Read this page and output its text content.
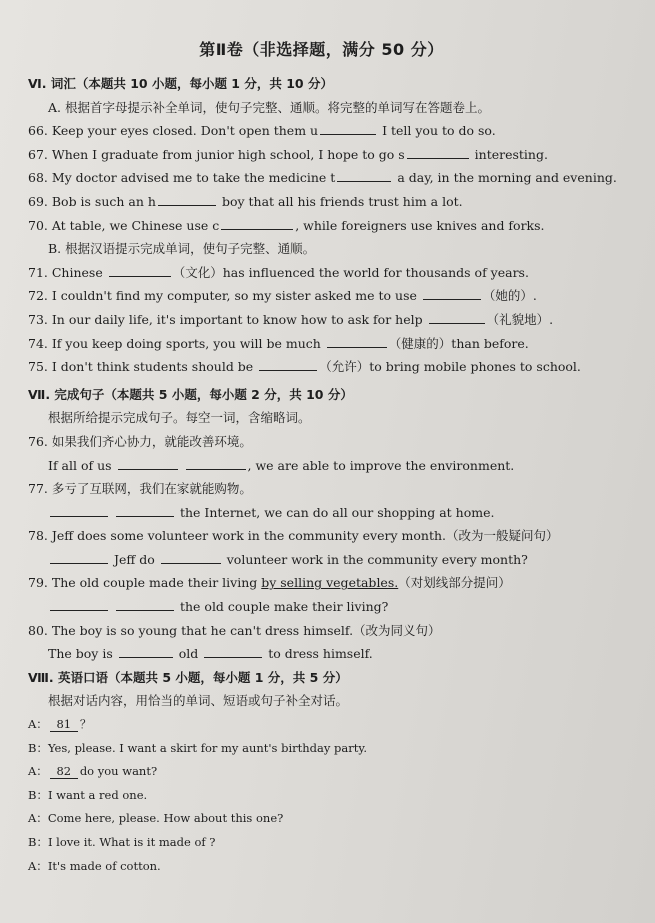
第Ⅱ卷（非选择题，满分 50 分）
Ⅵ. 词汇（本题共 10 小题，每小题 1 分，共 10 分）
A. 根据首字母提示补全单词，使句子完整、通顺。将完整的单词写在答题卷上。
66. Keep your eyes closed. Don't open them u	I tell you to do so.
67. When I graduate from junior high school, I hope to go s	interesting.
68. My doctor advised me to take the medicine t	a day, in the morning and evening.
69. Bob is such an h	boy that all his friends trust him a lot.
70. At table, we Chinese use c	, while foreigners use knives and forks.
B. 根据汉语提示完成单词，使句子完整、通顺。
71. Chinese	（文化）has influenced the world for thousands of years.
72. I couldn't find my computer, so my sister asked me to use	（她的）.
73. In our daily life, it's important to know how to ask for help	（礼貌地）.
74. If you keep doing sports, you will be much	（健康的）than before.
75. I don't think students should be	（允许）to bring mobile phones to school.
Ⅶ. 完成句子（本题共 5 小题，每小题 2 分，共 10 分）
根据所给提示完成句子。每空一词，含缩略词。
76. 如果我们齐心协力，就能改善环境。
If all of us	, we are able to improve the environment.
77. 多亏了互联网，我们在家就能购物。
the Internet, we can do all our shopping at home.
78. Jeff does some volunteer work in the community every month.（改为一般疑问句）
Jeff do	volunteer work in the community every month?
79. The old couple made their living by selling vegetables.（对划线部分提问）
the old couple make their living?
80. The boy is so young that he can't dress himself.（改为同义句）
The boy is	old	to dress himself.
Ⅷ. 英语口语（本题共 5 小题，每小题 1 分，共 5 分）
根据对话内容，用恰当的单词、短语或句子补全对话。
A： 81 ？
B：Yes, please. I want a skirt for my aunt's birthday party.
A： 82 do you want?
B：I want a red one.
A：Come here, please. How about this one?
B：I love it. What is it made of ?
A：It's made of cotton.
